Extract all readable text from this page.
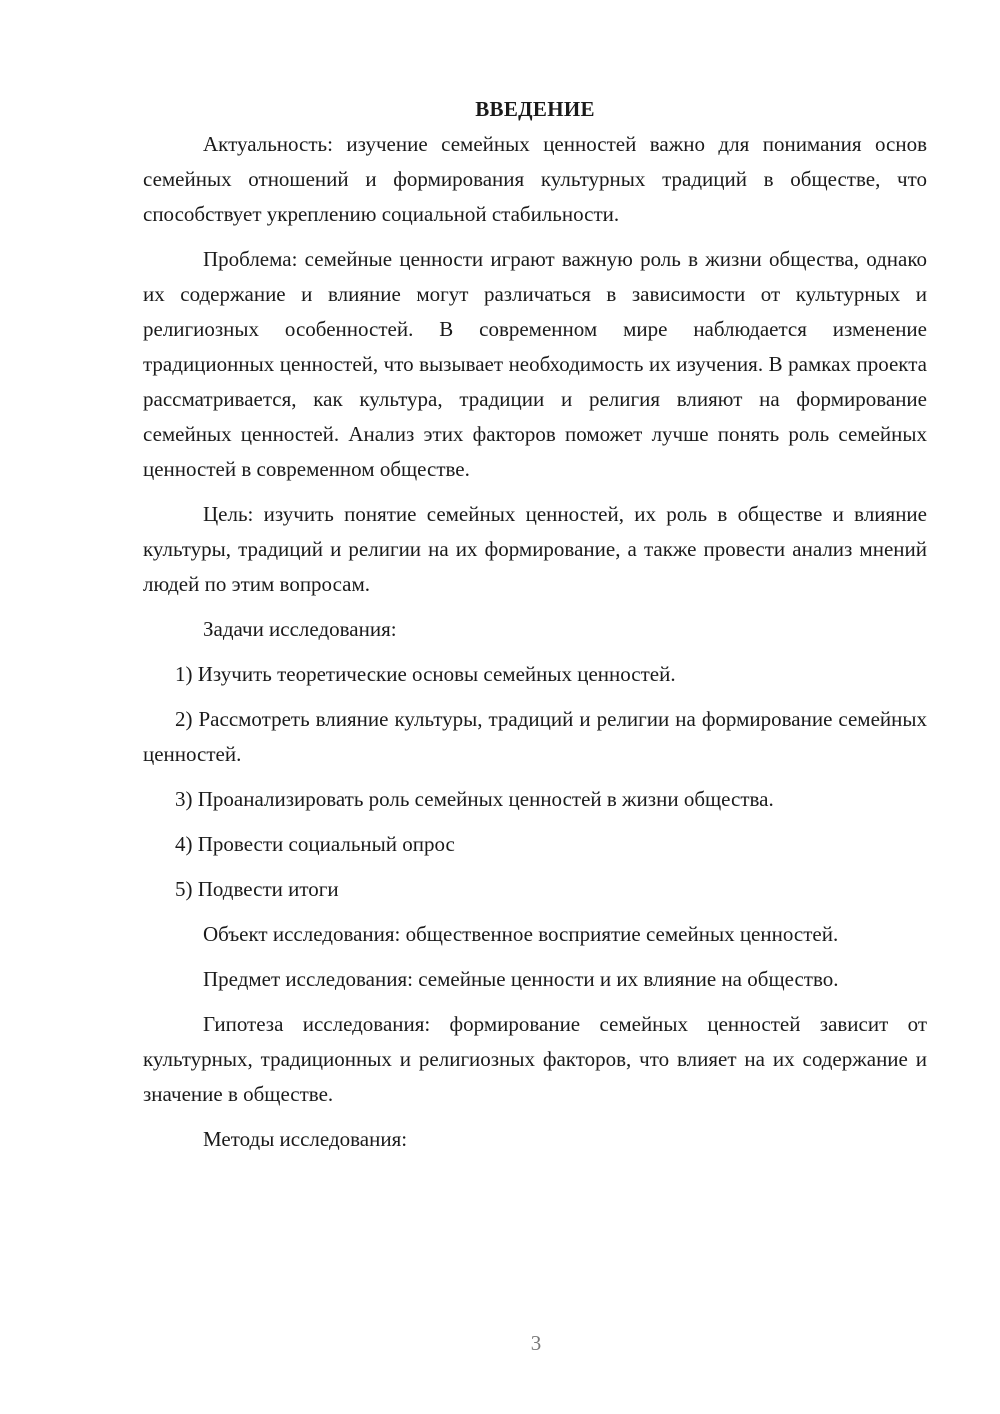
ВВЕДЕНИЕ

Актуальность: изучение семейных ценностей важно для понимания основ семейных отношений и формирования культурных традиций в обществе, что способствует укреплению социальной стабильности.

Проблема: семейные ценности играют важную роль в жизни общества, однако их содержание и влияние могут различаться в зависимости от культурных и религиозных особенностей. В современном мире наблюдается изменение традиционных ценностей, что вызывает необходимость их изучения. В рамках проекта рассматривается, как культура, традиции и религия влияют на формирование семейных ценностей. Анализ этих факторов поможет лучше понять роль семейных ценностей в современном обществе.

Цель: изучить понятие семейных ценностей, их роль в обществе и влияние культуры, традиций и религии на их формирование, а также провести анализ мнений людей по этим вопросам.

Задачи исследования:

1) Изучить теоретические основы семейных ценностей.

2) Рассмотреть влияние культуры, традиций и религии на формирование семейных ценностей.

3) Проанализировать роль семейных ценностей в жизни общества.

4) Провести социальный опрос

5) Подвести итоги

Объект исследования: общественное восприятие семейных ценностей.

Предмет исследования: семейные ценности и их влияние на общество.

Гипотеза исследования: формирование семейных ценностей зависит от культурных, традиционных и религиозных факторов, что влияет на их содержание и значение в обществе.

Методы исследования:

3
